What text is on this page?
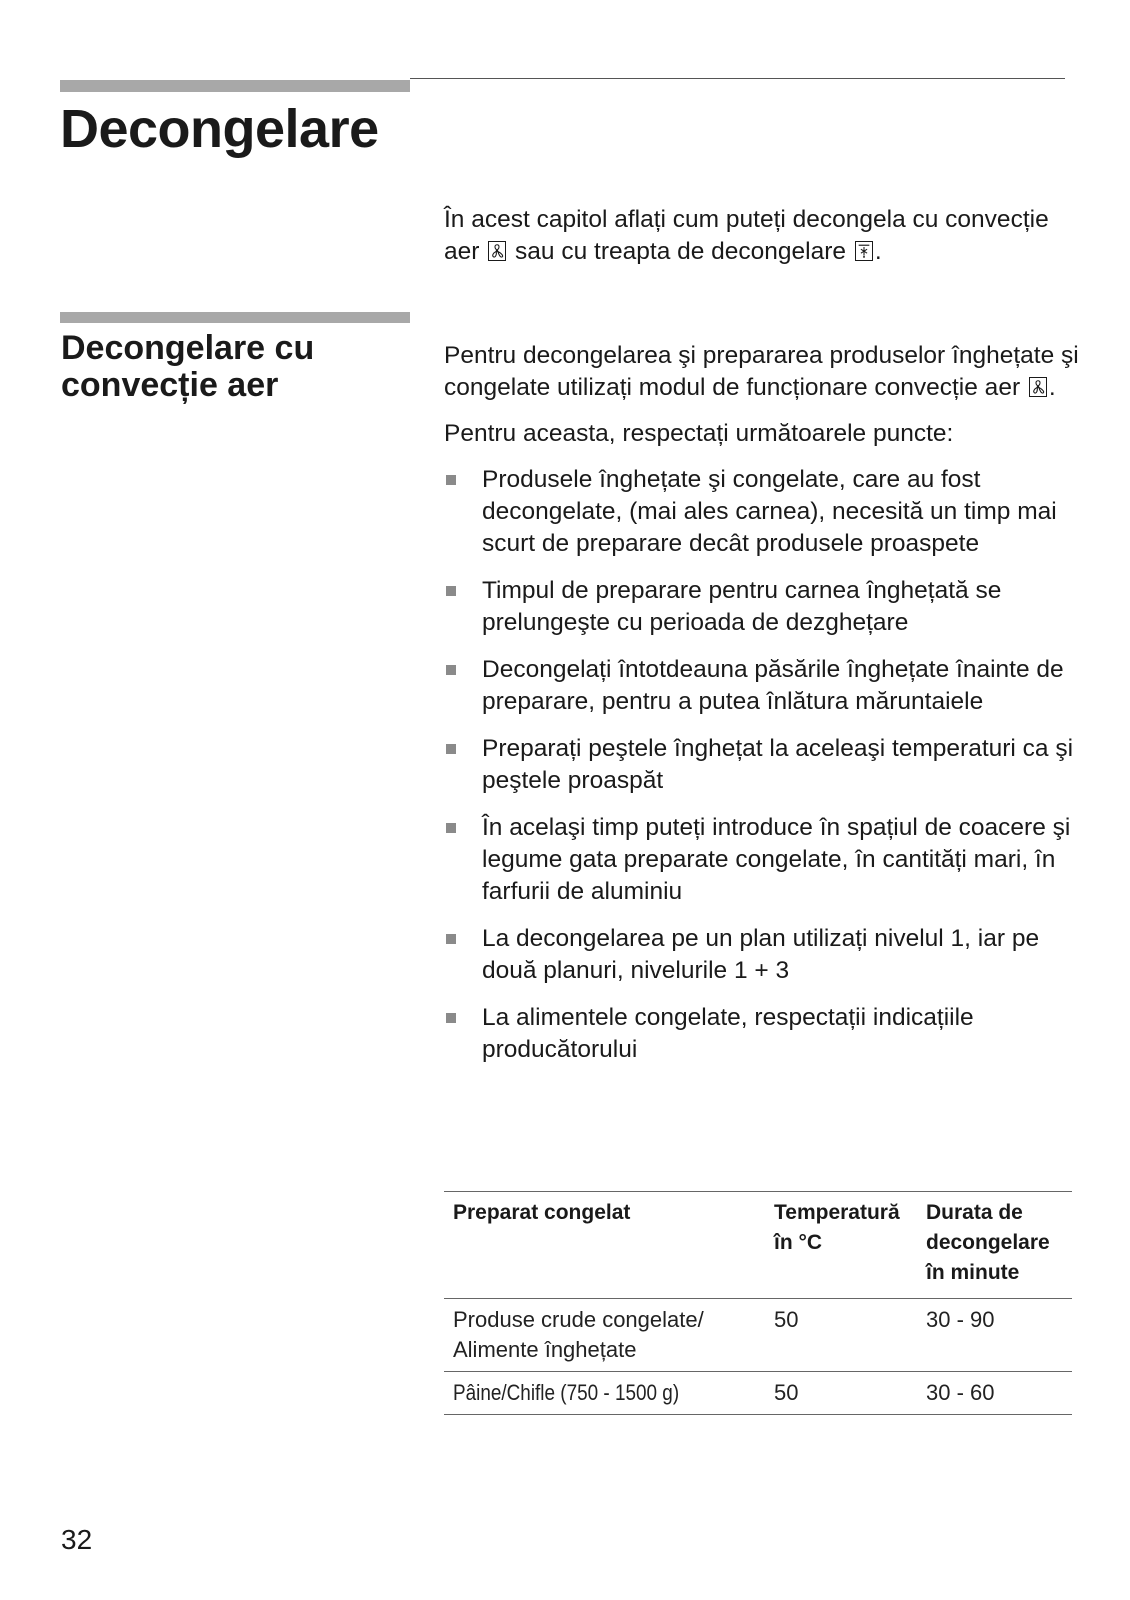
Decongelare

În acest capitol aflați cum puteți decongela cu convecție aer sau cu treapta de decongelare .

Decongelare cu convecție aer

Pentru decongelarea şi prepararea produselor înghețate şi congelate utilizați modul de funcționare convecție aer .

Pentru aceasta, respectați următoarele puncte:

Produsele înghețate şi congelate, care au fost decongelate, (mai ales carnea), necesită un timp mai scurt de preparare decât produsele proaspete
Timpul de preparare pentru carnea înghețată se prelungeşte cu perioada de dezghețare
Decongelați întotdeauna păsările înghețate înainte de preparare, pentru a putea înlătura măruntaiele
Preparați peştele înghețat la aceleaşi temperaturi ca şi peştele proaspăt
În acelaşi timp puteți introduce în spațiul de coacere şi legume gata preparate congelate, în cantități mari, în farfurii de aluminiu
La decongelarea pe un plan utilizați nivelul 1, iar pe două planuri, nivelurile 1 + 3
La alimentele congelate, respectații indicațiile producătorului
Preparat congelat	Temperatură în °C	Durata de decongelare în minute
Produse crude congelate/ Alimente înghețate	50	30 - 90
Pâine/Chifle (750 - 1500 g)	50	30 - 60
32
